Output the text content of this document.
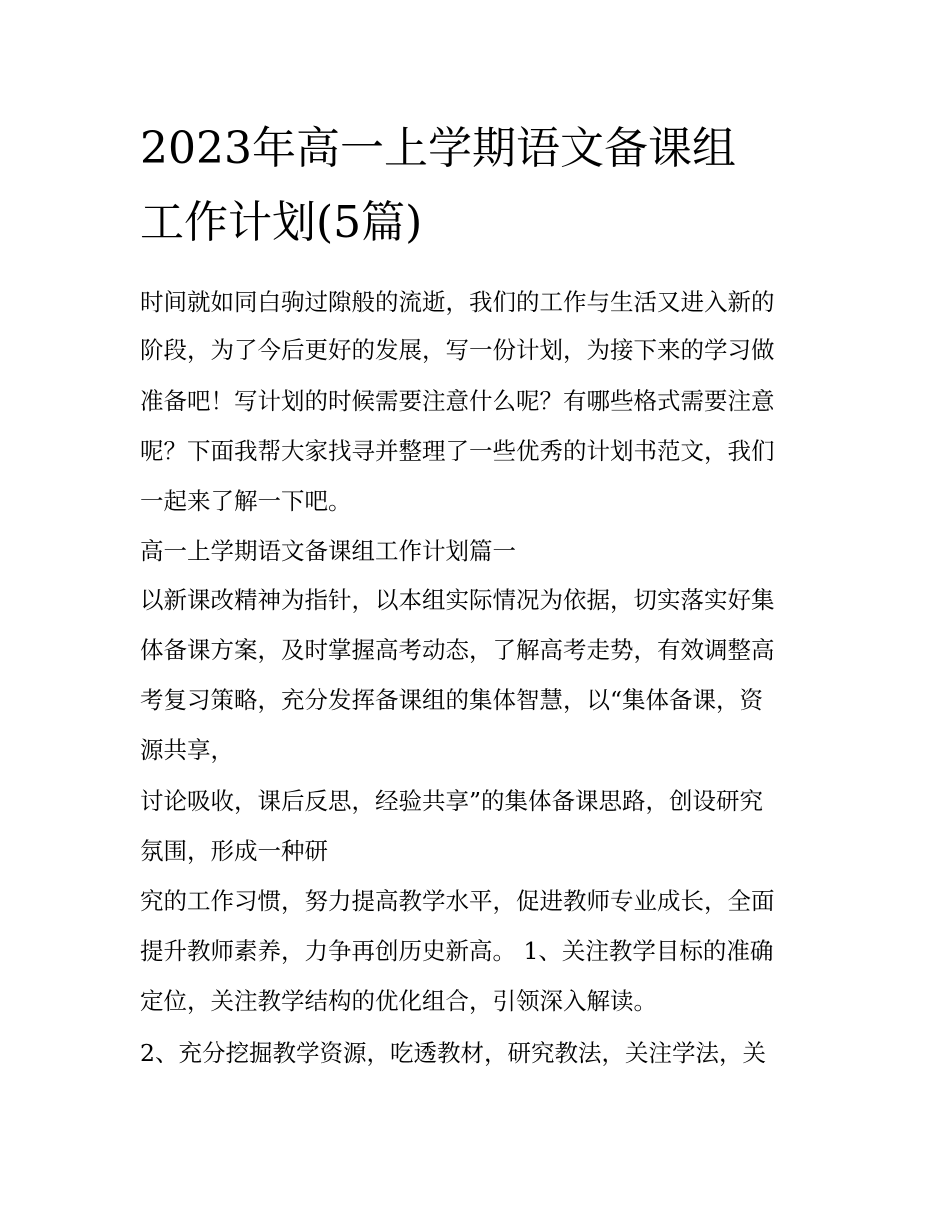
2023年高一上学期语文备课组
工作计划(5篇)

时间就如同白驹过隙般的流逝，我们的工作与生活又进入新的

阶段，为了今后更好的发展，写一份计划，为接下来的学习做

准备吧！写计划的时候需要注意什么呢？有哪些格式需要注意

呢？下面我帮大家找寻并整理了一些优秀的计划书范文，我们

一起来了解一下吧。

高一上学期语文备课组工作计划篇一

以新课改精神为指针，以本组实际情况为依据，切实落实好集

体备课方案，及时掌握高考动态，了解高考走势，有效调整高

考复习策略，充分发挥备课组的集体智慧，以“集体备课，资

源共享，

讨论吸收，课后反思，经验共享”的集体备课思路，创设研究

氛围，形成一种研

究的工作习惯，努力提高教学水平，促进教师专业成长，全面

提升教师素养，力争再创历史新高。 1、关注教学目标的准确

定位，关注教学结构的优化组合，引领深入解读。

2、充分挖掘教学资源，吃透教材，研究教法，关注学法，关
